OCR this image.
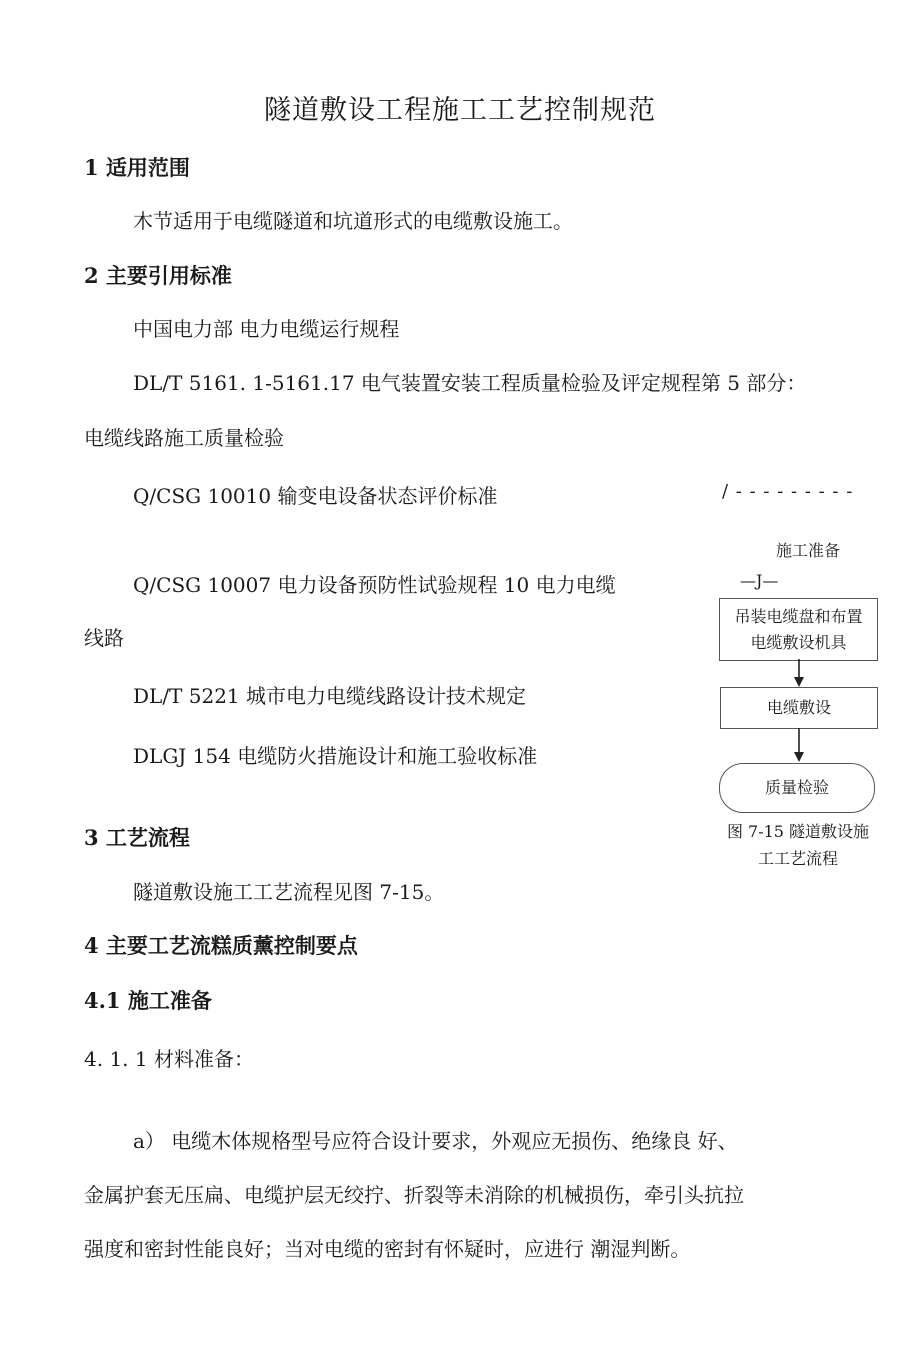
隧道敷设工程施工工艺控制规范
1 适用范围
木节适用于电缆隧道和坑道形式的电缆敷设施工。
2 主要引用标准
中国电力部 电力电缆运行规程
DL/T 5161. 1-5161.17 电气装置安装工程质量检验及评定规程第 5 部分：
电缆线路施工质量检验
Q/CSG 10010 输变电设备状态评价标准
Q/CSG 10007 电力设备预防性试验规程 10 电力电缆
线路
DL/T 5221 城市电力电缆线路设计技术规定
DLGJ 154 电缆防火措施设计和施工验收标准
3 工艺流程
隧道敷设施工工艺流程见图 7-15。
4 主要工艺流糕质薰控制要点
4.1 施工准备
4. 1. 1 材料准备：
a） 电缆木体规格型号应符合设计要求，外观应无损伤、绝缘良 好、
金属护套无压扁、电缆护层无绞拧、折裂等未消除的机械损伤，牵引头抗拉
强度和密封性能良好；当对电缆的密封有怀疑时，应进行 潮湿判断。
/ - - - - - - - - -
施工准备
—J—
吊装电缆盘和布置
电缆敷设机具
电缆敷设
质量检验
图 7-15 隧道敷设施
工工艺流程
